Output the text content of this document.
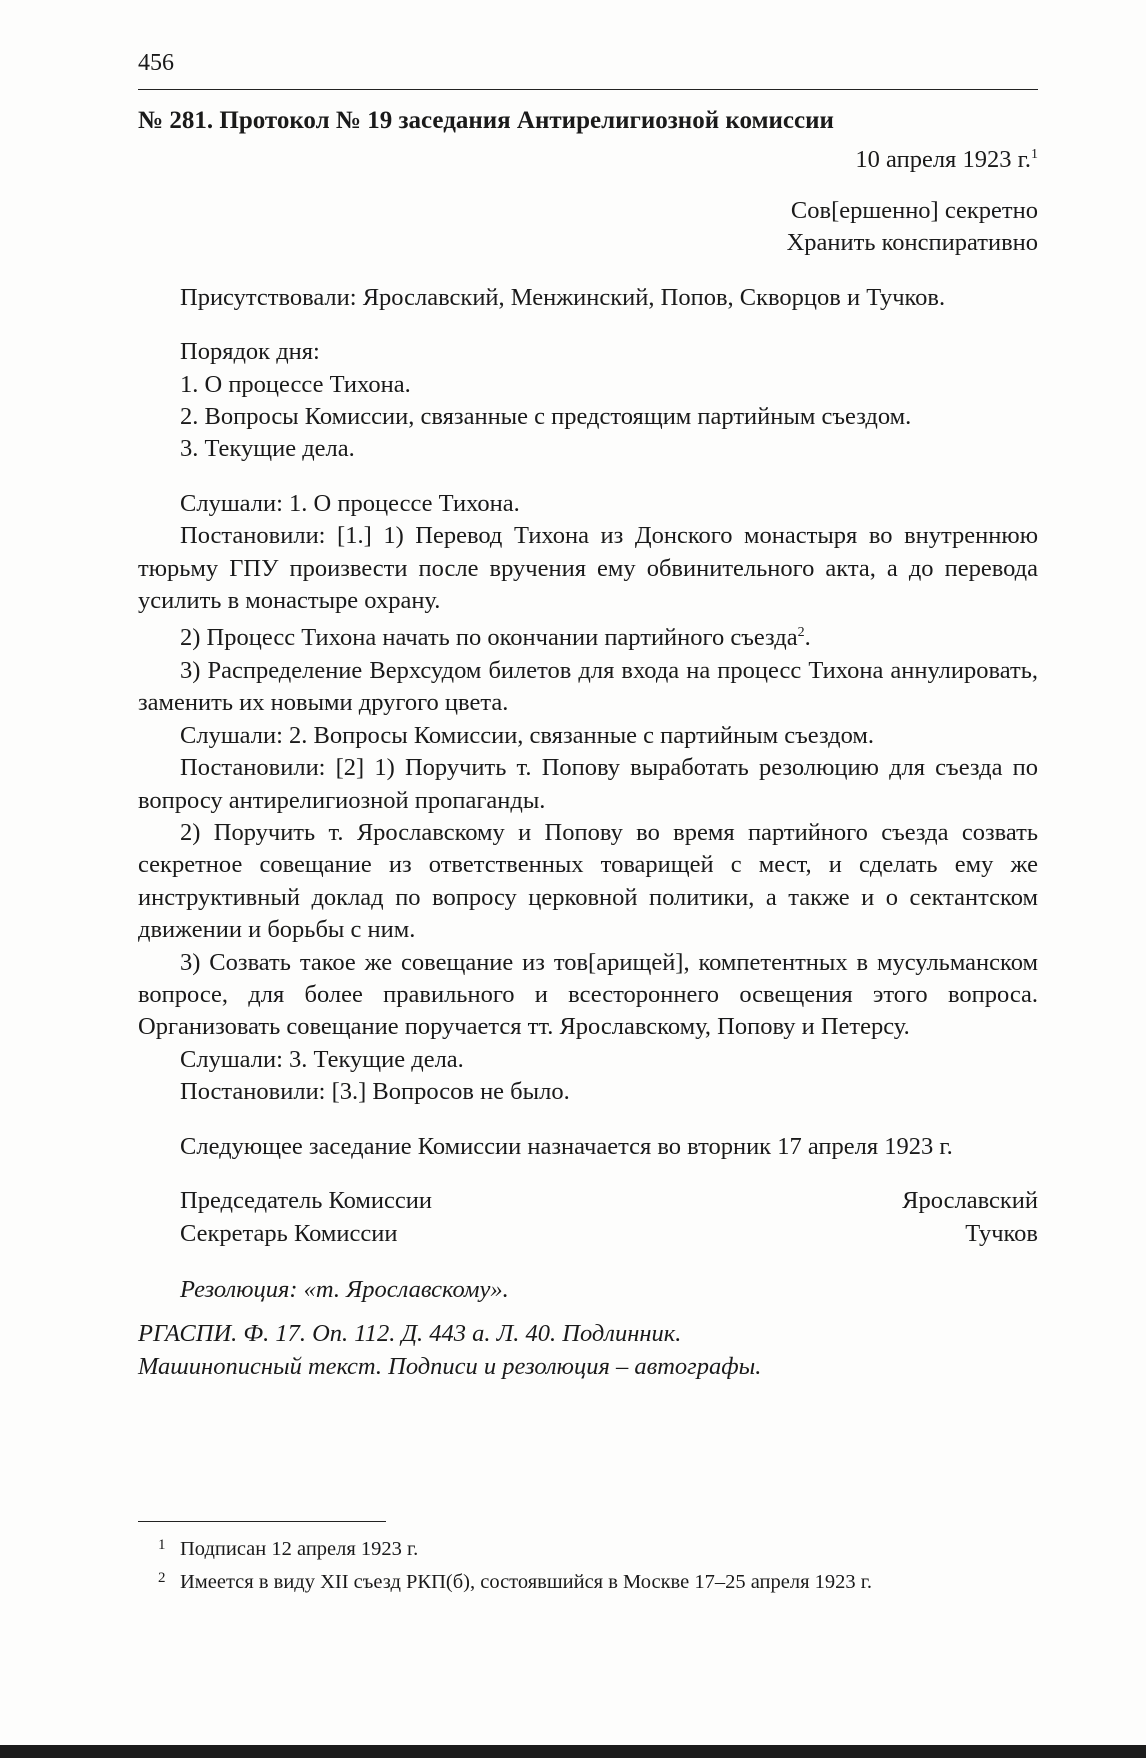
456

№ 281. Протокол № 19 заседания Антирелигиозной комиссии

10 апреля 1923 г.$^1$
Сов[ершенно] секретно
Хранить конспиративно

Присутствовали: Ярославский, Менжинский, Попов, Скворцов и Тучков.

Порядок дня:

1. О процессе Тихона.

2. Вопросы Комиссии, связанные с предстоящим партийным съездом.

3. Текущие дела.

Слушали: 1. О процессе Тихона.

Постановили: [1.] 1) Перевод Тихона из Донского монастыря во внутреннюю тюрьму ГПУ произвести после вручения ему обвинительного акта, а до перевода усилить в монастыре охрану.

2) Процесс Тихона начать по окончании партийного съезда$^2$.

3) Распределение Верхсудом билетов для входа на процесс Тихона аннулировать, заменить их новыми другого цвета.

Слушали: 2. Вопросы Комиссии, связанные с партийным съездом.

Постановили: [2] 1) Поручить т. Попову выработать резолюцию для съезда по вопросу антирелигиозной пропаганды.

2) Поручить т. Ярославскому и Попову во время партийного съезда созвать секретное совещание из ответственных товарищей с мест, и сделать ему же инструктивный доклад по вопросу церковной политики, а также и о сектантском движении и борьбы с ним.

3) Созвать такое же совещание из тов[арищей], компетентных в мусульманском вопросе, для более правильного и всестороннего освещения этого вопроса. Организовать совещание поручается тт. Ярославскому, Попову и Петерсу.

Слушали: 3. Текущие дела.

Постановили: [3.] Вопросов не было.

Следующее заседание Комиссии назначается во вторник 17 апреля 1923 г.

Председатель Комиссии	Ярославский
Секретарь Комиссии	Тучков

Резолюция: «т. Ярославскому».

РГАСПИ. Ф. 17. Оп. 112. Д. 443 а. Л. 40. Подлинник.

Машинописный текст. Подписи и резолюция – автографы.

1 Подписан 12 апреля 1923 г.

2 Имеется в виду XII съезд РКП(б), состоявшийся в Москве 17–25 апреля 1923 г.
